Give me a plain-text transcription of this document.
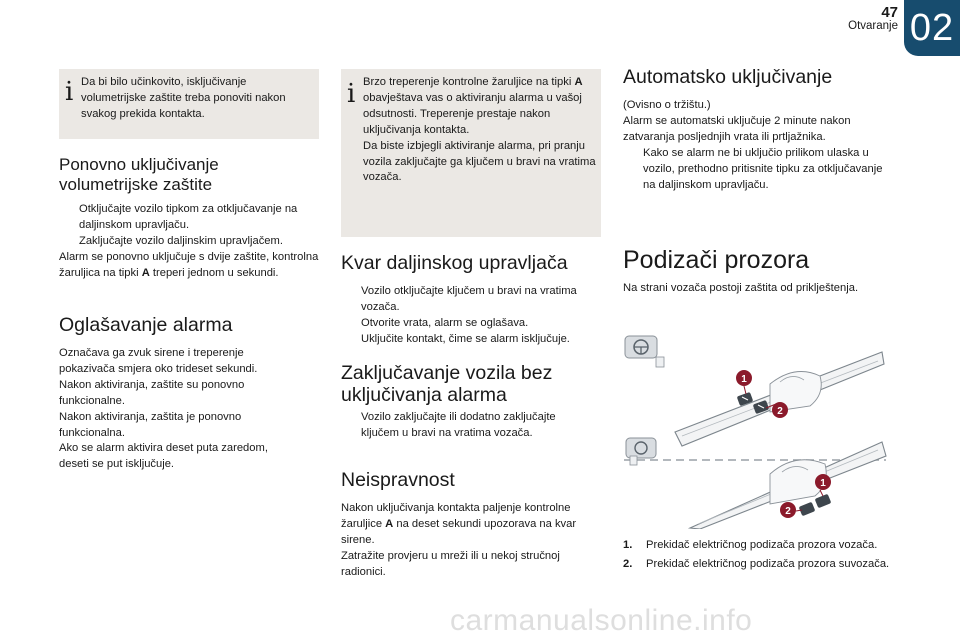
47
Otvaranje 02
i Da bi bilo učinkovito, isključivanje volumetrijske zaštite treba ponoviti nakon svakog prekida kontakta.
Ponovno uključivanje volumetrijske zaštite
Otključajte vozilo tipkom za otključavanje na daljinskom upravljaču.
Zaključajte vozilo daljinskim upravljačem.
Alarm se ponovno uključuje s dvije zaštite, kontrolna žaruljica na tipki A treperi jednom u sekundi.
Oglašavanje alarma
Označava ga zvuk sirene i treperenje pokazivača smjera oko trideset sekundi.
Nakon aktiviranja, zaštite su ponovno funkcionalne.
Nakon aktiviranja, zaštita je ponovno funkcionalna.
Ako se alarm aktivira deset puta zaredom, deseti se put isključuje.
i Brzo treperenje kontrolne žaruljice na tipki A obavještava vas o aktiviranju alarma u vašoj odsutnosti. Treperenje prestaje nakon uključivanja kontakta.
Da biste izbjegli aktiviranje alarma, pri pranju vozila zaključajte ga ključem u bravi na vratima vozača.
Kvar daljinskog upravljača
Vozilo otključajte ključem u bravi na vratima vozača.
Otvorite vrata, alarm se oglašava.
Uključite kontakt, čime se alarm isključuje.
Zaključavanje vozila bez uključivanja alarma
Vozilo zaključajte ili dodatno zaključajte ključem u bravi na vratima vozača.
Neispravnost
Nakon uključivanja kontakta paljenje kontrolne žaruljice A na deset sekundi upozorava na kvar sirene.
Zatražite provjeru u mreži ili u nekoj stručnoj radionici.
Automatsko uključivanje
(Ovisno o tržištu.)
Alarm se automatski uključuje 2 minute nakon zatvaranja posljednjih vrata ili prtljažnika.
Kako se alarm ne bi uključio prilikom ulaska u vozilo, prethodno pritisnite tipku za otključavanje na daljinskom upravljaču.
Podizači prozora
Na strani vozača postoji zaštita od priklještenja.
1
2
1
2
1. Prekidač električnog podizača prozora vozača.
2. Prekidač električnog podizača prozora suvozača.
carmanualsonline.info
